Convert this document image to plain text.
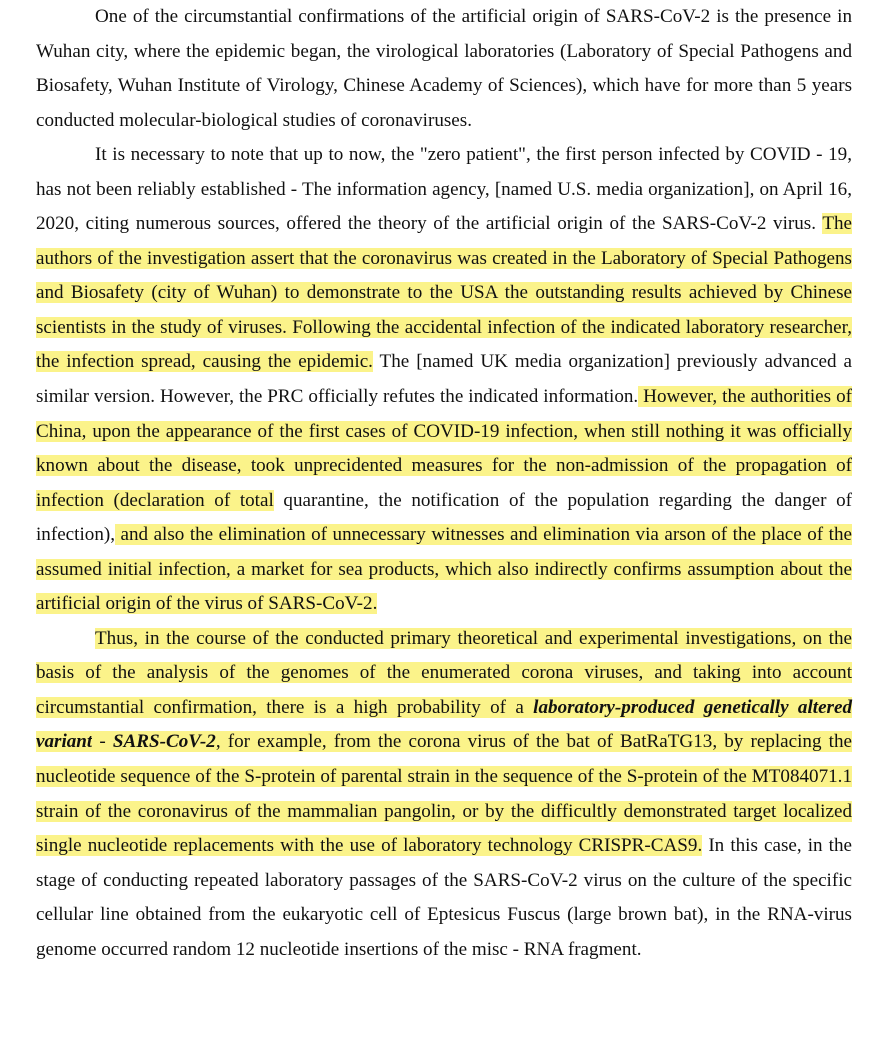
One of the circumstantial confirmations of the artificial origin of SARS-CoV-2 is the presence in Wuhan city, where the epidemic began, the virological laboratories (Laboratory of Special Pathogens and Biosafety, Wuhan Institute of Virology, Chinese Academy of Sciences), which have for more than 5 years conducted molecular-biological studies of coronaviruses.

It is necessary to note that up to now, the "zero patient", the first person infected by COVID - 19, has not been reliably established - The information agency, [named U.S. media organization], on April 16, 2020, citing numerous sources, offered the theory of the artificial origin of the SARS-CoV-2 virus. The authors of the investigation assert that the coronavirus was created in the Laboratory of Special Pathogens and Biosafety (city of Wuhan) to demonstrate to the USA the outstanding results achieved by Chinese scientists in the study of viruses. Following the accidental infection of the indicated laboratory researcher, the infection spread, causing the epidemic. The [named UK media organization] previously advanced a similar version. However, the PRC officially refutes the indicated information. However, the authorities of China, upon the appearance of the first cases of COVID-19 infection, when still nothing it was officially known about the disease, took unprecidented measures for the non-admission of the propagation of infection (declaration of total quarantine, the notification of the population regarding the danger of infection), and also the elimination of unnecessary witnesses and elimination via arson of the place of the assumed initial infection, a market for sea products, which also indirectly confirms assumption about the artificial origin of the virus of SARS-CoV-2.

Thus, in the course of the conducted primary theoretical and experimental investigations, on the basis of the analysis of the genomes of the enumerated corona viruses, and taking into account circumstantial confirmation, there is a high probability of a laboratory-produced genetically altered variant - SARS-CoV-2, for example, from the corona virus of the bat of BatRaTG13, by replacing the nucleotide sequence of the S-protein of parental strain in the sequence of the S-protein of the MT084071.1 strain of the coronavirus of the mammalian pangolin, or by the difficultly demonstrated target localized single nucleotide replacements with the use of laboratory technology CRISPR-CAS9. In this case, in the stage of conducting repeated laboratory passages of the SARS-CoV-2 virus on the culture of the specific cellular line obtained from the eukaryotic cell of Eptesicus Fuscus (large brown bat), in the RNA-virus genome occurred random 12 nucleotide insertions of the misc - RNA fragment.
